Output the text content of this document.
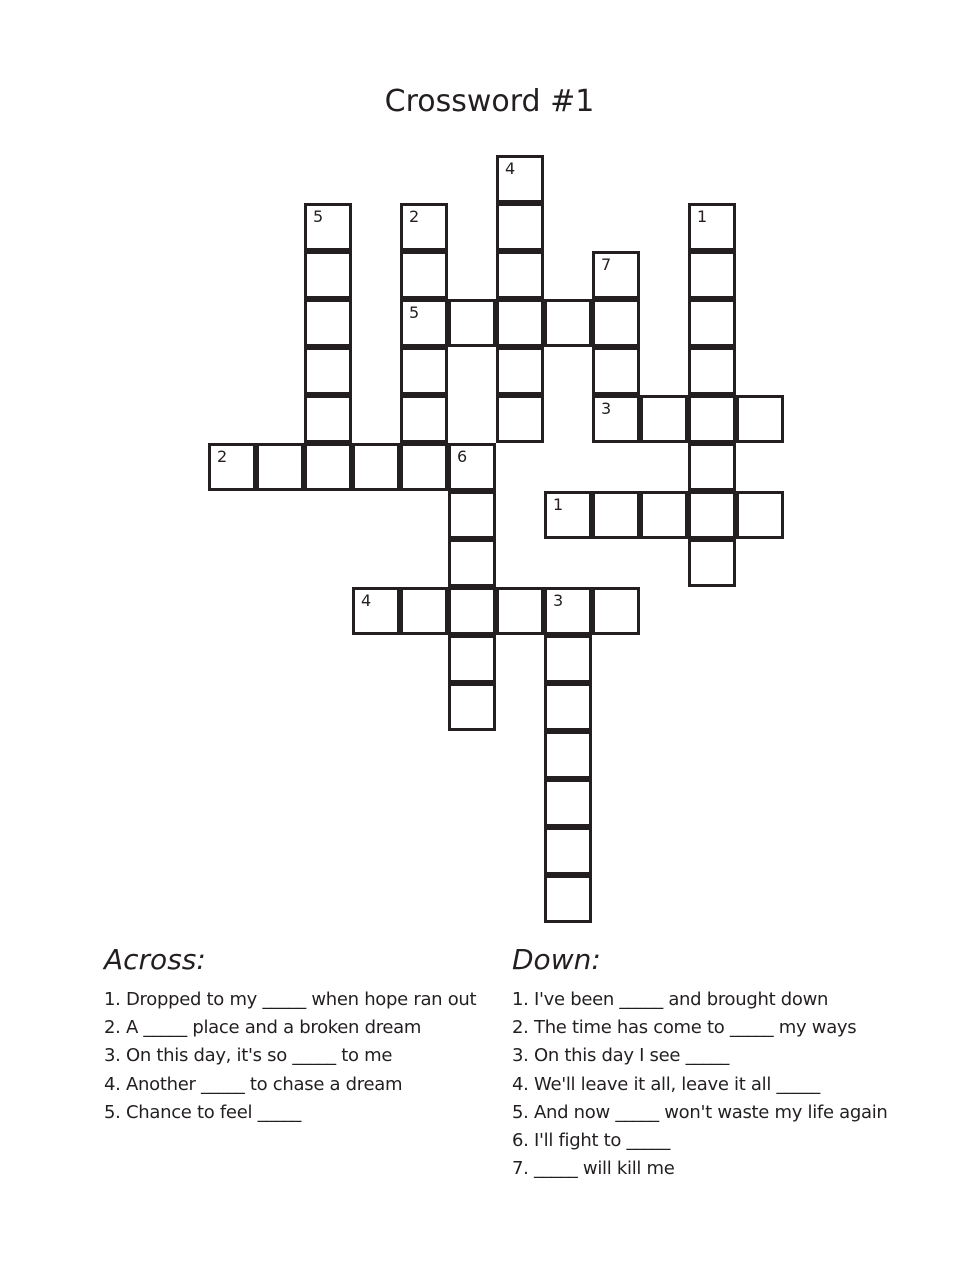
Crossword #1
4
5	2
5
1
7
3
2	6
1
4	3
Across:
1. Dropped to my _____ when hope ran out
2. A _____ place and a broken dream
3. On this day, it's so _____ to me
4. Another _____ to chase a dream
5. Chance to feel _____
Down:
1. I've been _____ and brought down
2. The time has come to _____ my ways
3. On this day I see _____
4. We'll leave it all, leave it all _____
5. And now _____ won't waste my life again
6. I'll fight to _____
7. _____ will kill me
